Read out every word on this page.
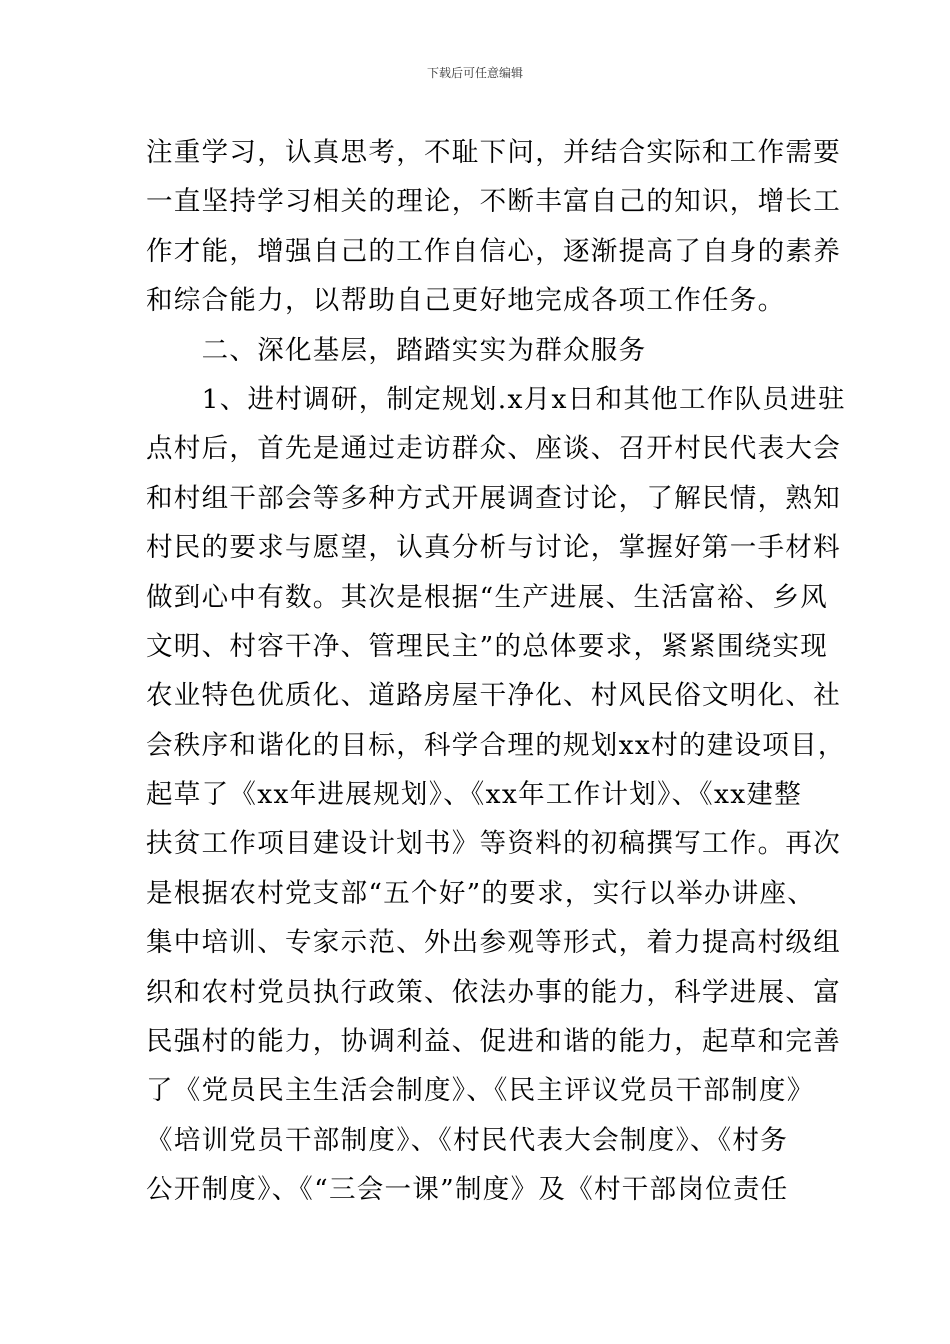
下载后可任意编辑
注重学习，认真思考，不耻下问，并结合实际和工作需要
一直坚持学习相关的理论，不断丰富自己的知识，增长工
作才能，增强自己的工作自信心，逐渐提高了自身的素养
和综合能力，以帮助自己更好地完成各项工作任务。
　　二、深化基层，踏踏实实为群众服务
　　1、进村调研，制定规划.x月x日和其他工作队员进驻
点村后，首先是通过走访群众、座谈、召开村民代表大会
和村组干部会等多种方式开展调查讨论，了解民情，熟知
村民的要求与愿望，认真分析与讨论，掌握好第一手材料
做到心中有数。其次是根据“生产进展、生活富裕、乡风
文明、村容干净、管理民主”的总体要求，紧紧围绕实现
农业特色优质化、道路房屋干净化、村风民俗文明化、社
会秩序和谐化的目标，科学合理的规划xx村的建设项目，
起草了《xx年进展规划》、《xx年工作计划》、《xx建整
扶贫工作项目建设计划书》等资料的初稿撰写工作。再次
是根据农村党支部“五个好”的要求，实行以举办讲座、
集中培训、专家示范、外出参观等形式，着力提高村级组
织和农村党员执行政策、依法办事的能力，科学进展、富
民强村的能力，协调利益、促进和谐的能力，起草和完善
了《党员民主生活会制度》、《民主评议党员干部制度》
《培训党员干部制度》、《村民代表大会制度》、《村务
公开制度》、《“三会一课”制度》及《村干部岗位责任
